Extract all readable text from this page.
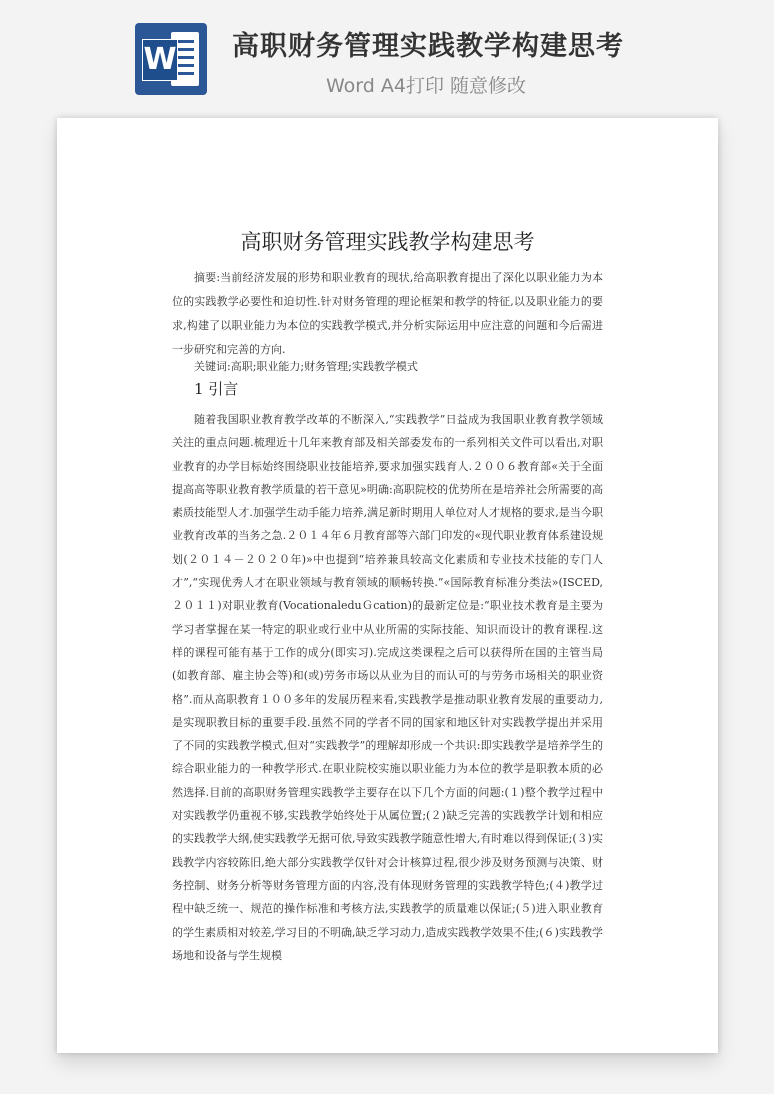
W 高职财务管理实践教学构建思考
Word A4打印 随意修改
高职财务管理实践教学构建思考
摘要:当前经济发展的形势和职业教育的现状,给高职教育提出了深化以职业能力为本位的实践教学必要性和迫切性.针对财务管理的理论框架和教学的特征,以及职业能力的要求,构建了以职业能力为本位的实践教学模式,并分析实际运用中应注意的问题和今后需进一步研究和完善的方向.
关键词:高职;职业能力;财务管理;实践教学模式
1 引言
随着我国职业教育教学改革的不断深入,“实践教学”日益成为我国职业教育教学领域关注的重点问题.梳理近十几年来教育部及相关部委发布的一系列相关文件可以看出,对职业教育的办学目标始终围绕职业技能培养,要求加强实践育人.２００６教育部«关于全面提高高等职业教育教学质量的若干意见»明确:高职院校的优势所在是培养社会所需要的高素质技能型人才.加强学生动手能力培养,满足新时期用人单位对人才规格的要求,是当今职业教育改革的当务之急.２０１４年６月教育部等六部门印发的«现代职业教育体系建设规划(２０１４－２０２０年)»中也提到“培养兼具较高文化素质和专业技术技能的专门人才”,“实现优秀人才在职业领域与教育领域的顺畅转换.”«国际教育标准分类法»(ISCED,２０１１)对职业教育(VocationaleduＧcation)的最新定位是:“职业技术教育是主要为学习者掌握在某一特定的职业或行业中从业所需的实际技能、知识而设计的教育课程.这样的课程可能有基于工作的成分(即实习).完成这类课程之后可以获得所在国的主管当局(如教育部、雇主协会等)和(或)劳务市场以从业为目的而认可的与劳务市场相关的职业资格”.而从高职教育１００多年的发展历程来看,实践教学是推动职业教育发展的重要动力,是实现职教目标的重要手段.虽然不同的学者不同的国家和地区针对实践教学提出并采用了不同的实践教学模式,但对“实践教学”的理解却形成一个共识:即实践教学是培养学生的综合职业能力的一种教学形式.在职业院校实施以职业能力为本位的教学是职教本质的必然选择.目前的高职财务管理实践教学主要存在以下几个方面的问题:(１)整个教学过程中对实践教学仍重视不够,实践教学始终处于从属位置;(２)缺乏完善的实践教学计划和相应的实践教学大纲,使实践教学无据可依,导致实践教学随意性增大,有时难以得到保证;(３)实践教学内容较陈旧,绝大部分实践教学仅针对会计核算过程,很少涉及财务预测与决策、财务控制、财务分析等财务管理方面的内容,没有体现财务管理的实践教学特色;(４)教学过程中缺乏统一、规范的操作标准和考核方法,实践教学的质量难以保证;(５)进入职业教育的学生素质相对较差,学习目的不明确,缺乏学习动力,造成实践教学效果不佳;(６)实践教学场地和设备与学生规模
